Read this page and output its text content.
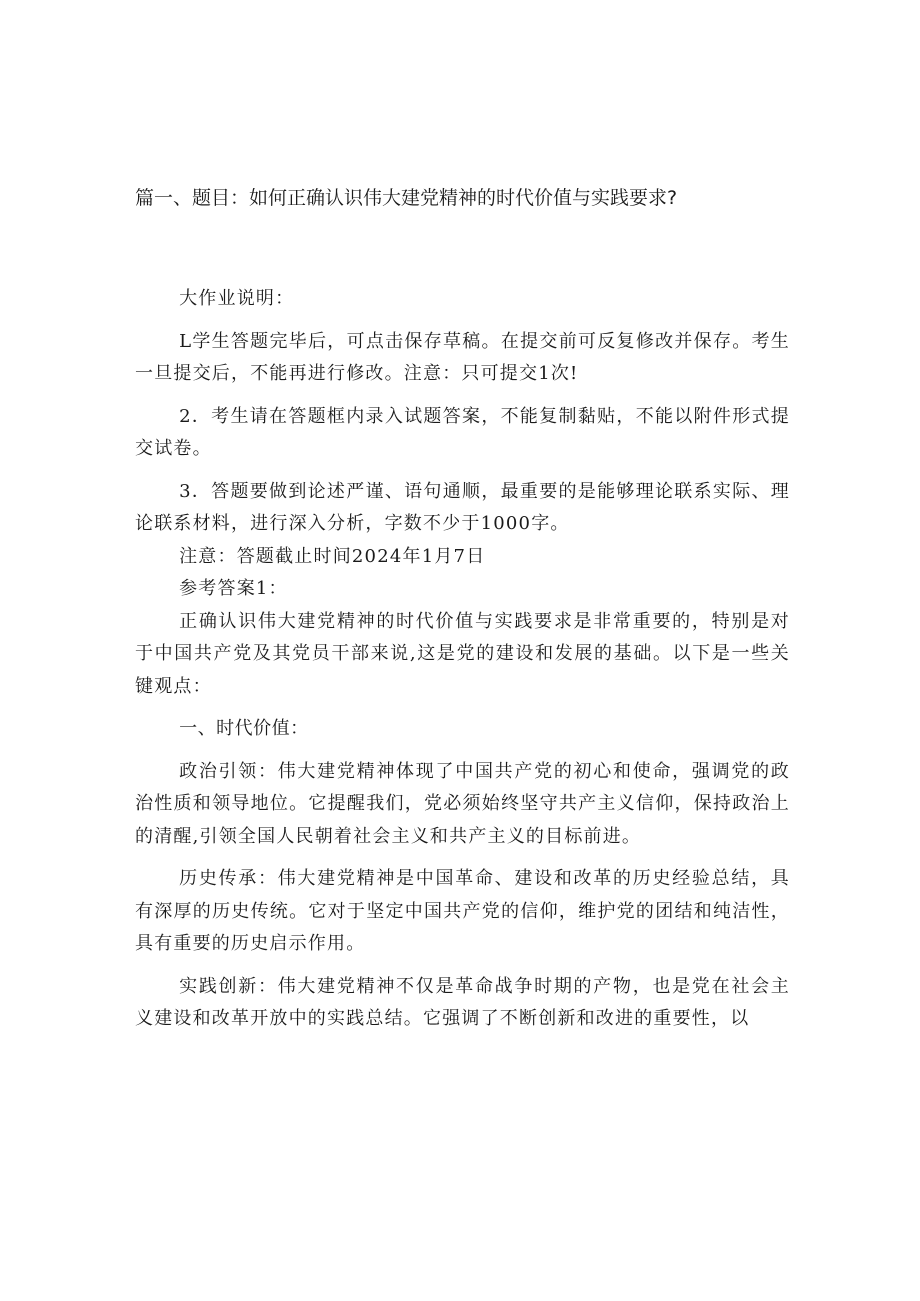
篇一、题目：如何正确认识伟大建党精神的时代价值与实践要求?

大作业说明：

L学生答题完毕后，可点击保存草稿。在提交前可反复修改并保存。考生一旦提交后，不能再进行修改。注意：只可提交1次!

2．考生请在答题框内录入试题答案，不能复制黏贴，不能以附件形式提交试卷。

3．答题要做到论述严谨、语句通顺，最重要的是能够理论联系实际、理论联系材料，进行深入分析，字数不少于1000字。

注意：答题截止时间2024年1月7日

参考答案1：

正确认识伟大建党精神的时代价值与实践要求是非常重要的，特别是对于中国共产党及其党员干部来说,这是党的建设和发展的基础。以下是一些关键观点：

一、时代价值：

政治引领：伟大建党精神体现了中国共产党的初心和使命，强调党的政治性质和领导地位。它提醒我们，党必须始终坚守共产主义信仰，保持政治上的清醒,引领全国人民朝着社会主义和共产主义的目标前进。

历史传承：伟大建党精神是中国革命、建设和改革的历史经验总结，具有深厚的历史传统。它对于坚定中国共产党的信仰，维护党的团结和纯洁性，具有重要的历史启示作用。

实践创新：伟大建党精神不仅是革命战争时期的产物，也是党在社会主义建设和改革开放中的实践总结。它强调了不断创新和改进的重要性，以
